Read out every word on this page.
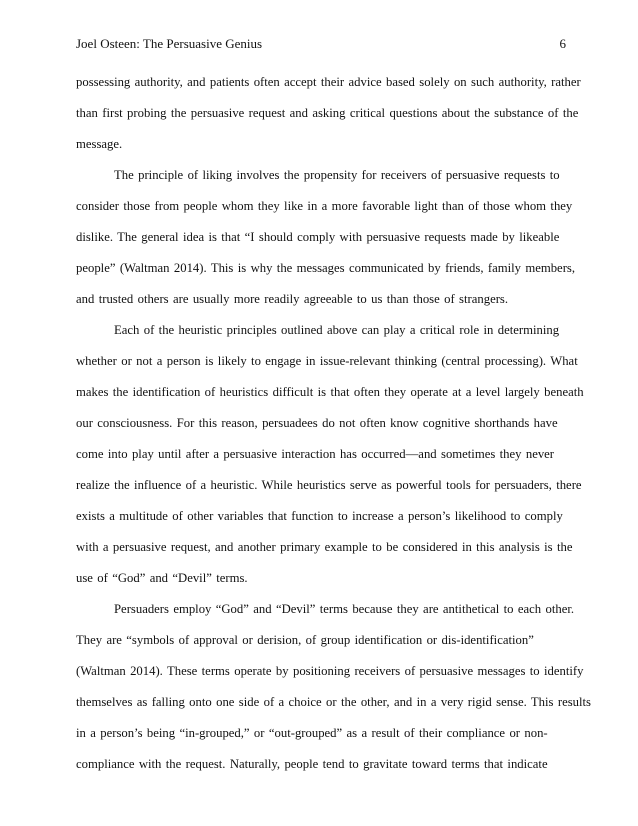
Joel Osteen: The Persuasive Genius	6
possessing authority, and patients often accept their advice based solely on such authority, rather
than first probing the persuasive request and asking critical questions about the substance of the
message.
The principle of liking involves the propensity for receivers of persuasive requests to
consider those from people whom they like in a more favorable light than of those whom they
dislike. The general idea is that “I should comply with persuasive requests made by likeable
people” (Waltman 2014). This is why the messages communicated by friends, family members,
and trusted others are usually more readily agreeable to us than those of strangers.
Each of the heuristic principles outlined above can play a critical role in determining
whether or not a person is likely to engage in issue-relevant thinking (central processing). What
makes the identification of heuristics difficult is that often they operate at a level largely beneath
our consciousness. For this reason, persuadees do not often know cognitive shorthands have
come into play until after a persuasive interaction has occurred—and sometimes they never
realize the influence of a heuristic. While heuristics serve as powerful tools for persuaders, there
exists a multitude of other variables that function to increase a person’s likelihood to comply
with a persuasive request, and another primary example to be considered in this analysis is the
use of “God” and “Devil” terms.
Persuaders employ “God” and “Devil” terms because they are antithetical to each other.
They are “symbols of approval or derision, of group identification or dis-identification”
(Waltman 2014). These terms operate by positioning receivers of persuasive messages to identify
themselves as falling onto one side of a choice or the other, and in a very rigid sense. This results
in a person’s being “in-grouped,” or “out-grouped” as a result of their compliance or non-
compliance with the request. Naturally, people tend to gravitate toward terms that indicate
